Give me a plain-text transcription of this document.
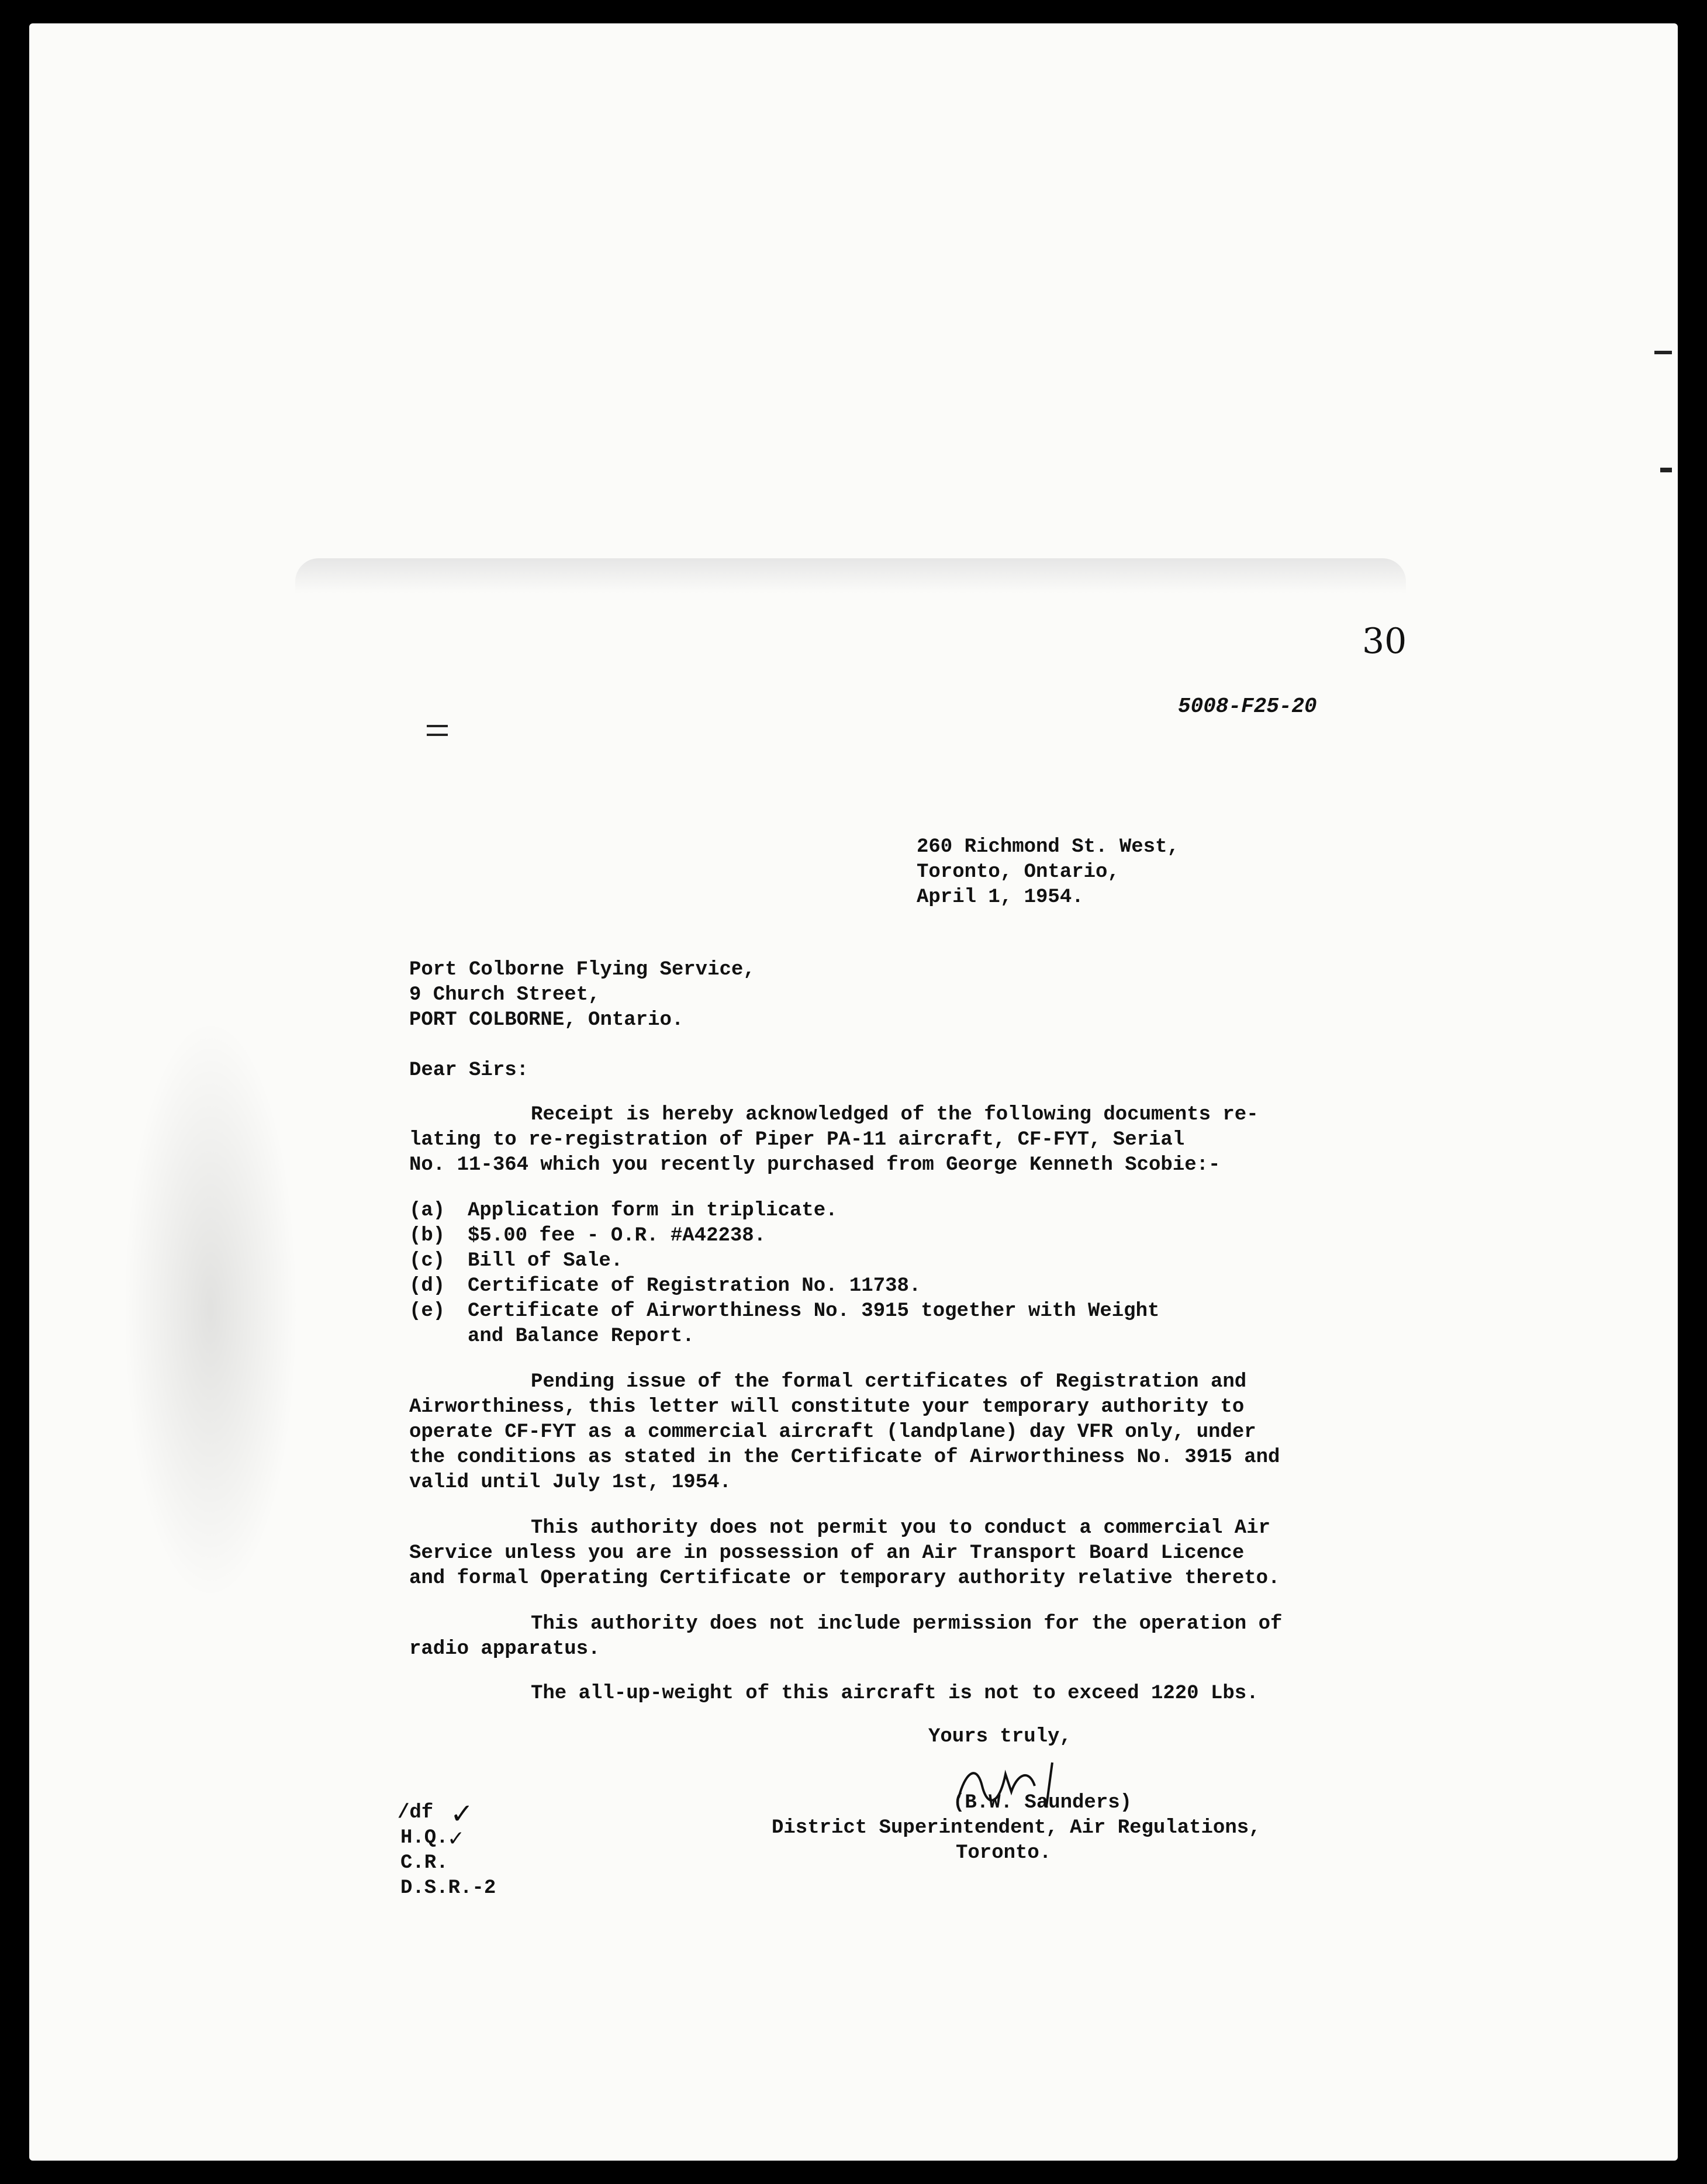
30
5008-F25-20
260 Richmond St. West,
Toronto, Ontario,
April 1, 1954.
Port Colborne Flying Service,
9 Church Street,
PORT COLBORNE, Ontario.
Dear Sirs:
Receipt is hereby acknowledged of the following documents re-
lating to re-registration of Piper PA-11 aircraft, CF-FYT, Serial
No. 11-364 which you recently purchased from George Kenneth Scobie:-
(a) Application form in triplicate.
(b) $5.00 fee - O.R. #A42238.
(c) Bill of Sale.
(d) Certificate of Registration No. 11738.
(e) Certificate of Airworthiness No. 3915 together with Weight
and Balance Report.
Pending issue of the formal certificates of Registration and
Airworthiness, this letter will constitute your temporary authority to
operate CF-FYT as a commercial aircraft (landplane) day VFR only, under
the conditions as stated in the Certificate of Airworthiness No. 3915 and
valid until July 1st, 1954.
This authority does not permit you to conduct a commercial Air
Service unless you are in possession of an Air Transport Board Licence
and formal Operating Certificate or temporary authority relative thereto.
This authority does not include permission for the operation of
radio apparatus.
The all-up-weight of this aircraft is not to exceed 1220 Lbs.
Yours truly,
(B.W. Saunders)
District Superintendent, Air Regulations,
Toronto.
/df
H.Q.
C.R.
D.S.R.-2
✓
✓
